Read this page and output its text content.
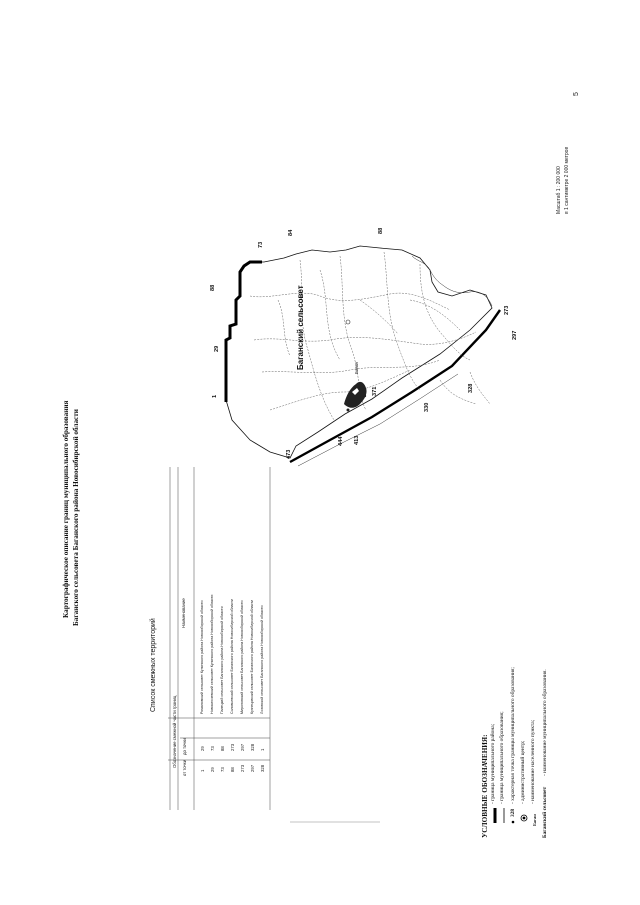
5
Картографическое описание границ муниципального образования Баганского сельсовета Баганского района Новосибирской области
Список смежных территорий
Обозначение смежной части границ от точки
до точки
Наименование
1
29
Романовский сельсовет Купинского района Новосибирской области
29
73
Новоключевский сельсовет Купинского района Новосибирской области
73
88
Палецкий сельсовет Баганского района Новосибирской области
88
273
Соловьевский сельсовет Баганского района Новосибирской области
273
297
Мироновский сельсовет Баганского района Новосибирской области
297
328
Кузнецовский сельсовет Баганского района Новосибирской области
328
1
Лозовской сельсовет Баганского района Новосибирской области
УСЛОВНЫЕ ОБОЗНАЧЕНИЯ: - граница муниципального района; - граница муниципального образования;
328
- характерная точка границы муниципального образования; - административный центр;
Баган
- наименование населенного пункта;
Баганский сельсовет
- наименование муниципального образования.
Масштаб 1 : 200 000 в 1 сантиметре 2 000 метров
1
29
88
73
84	88
273
297
328
330
371
413
444
473
Баганский сельсовет	Баган
